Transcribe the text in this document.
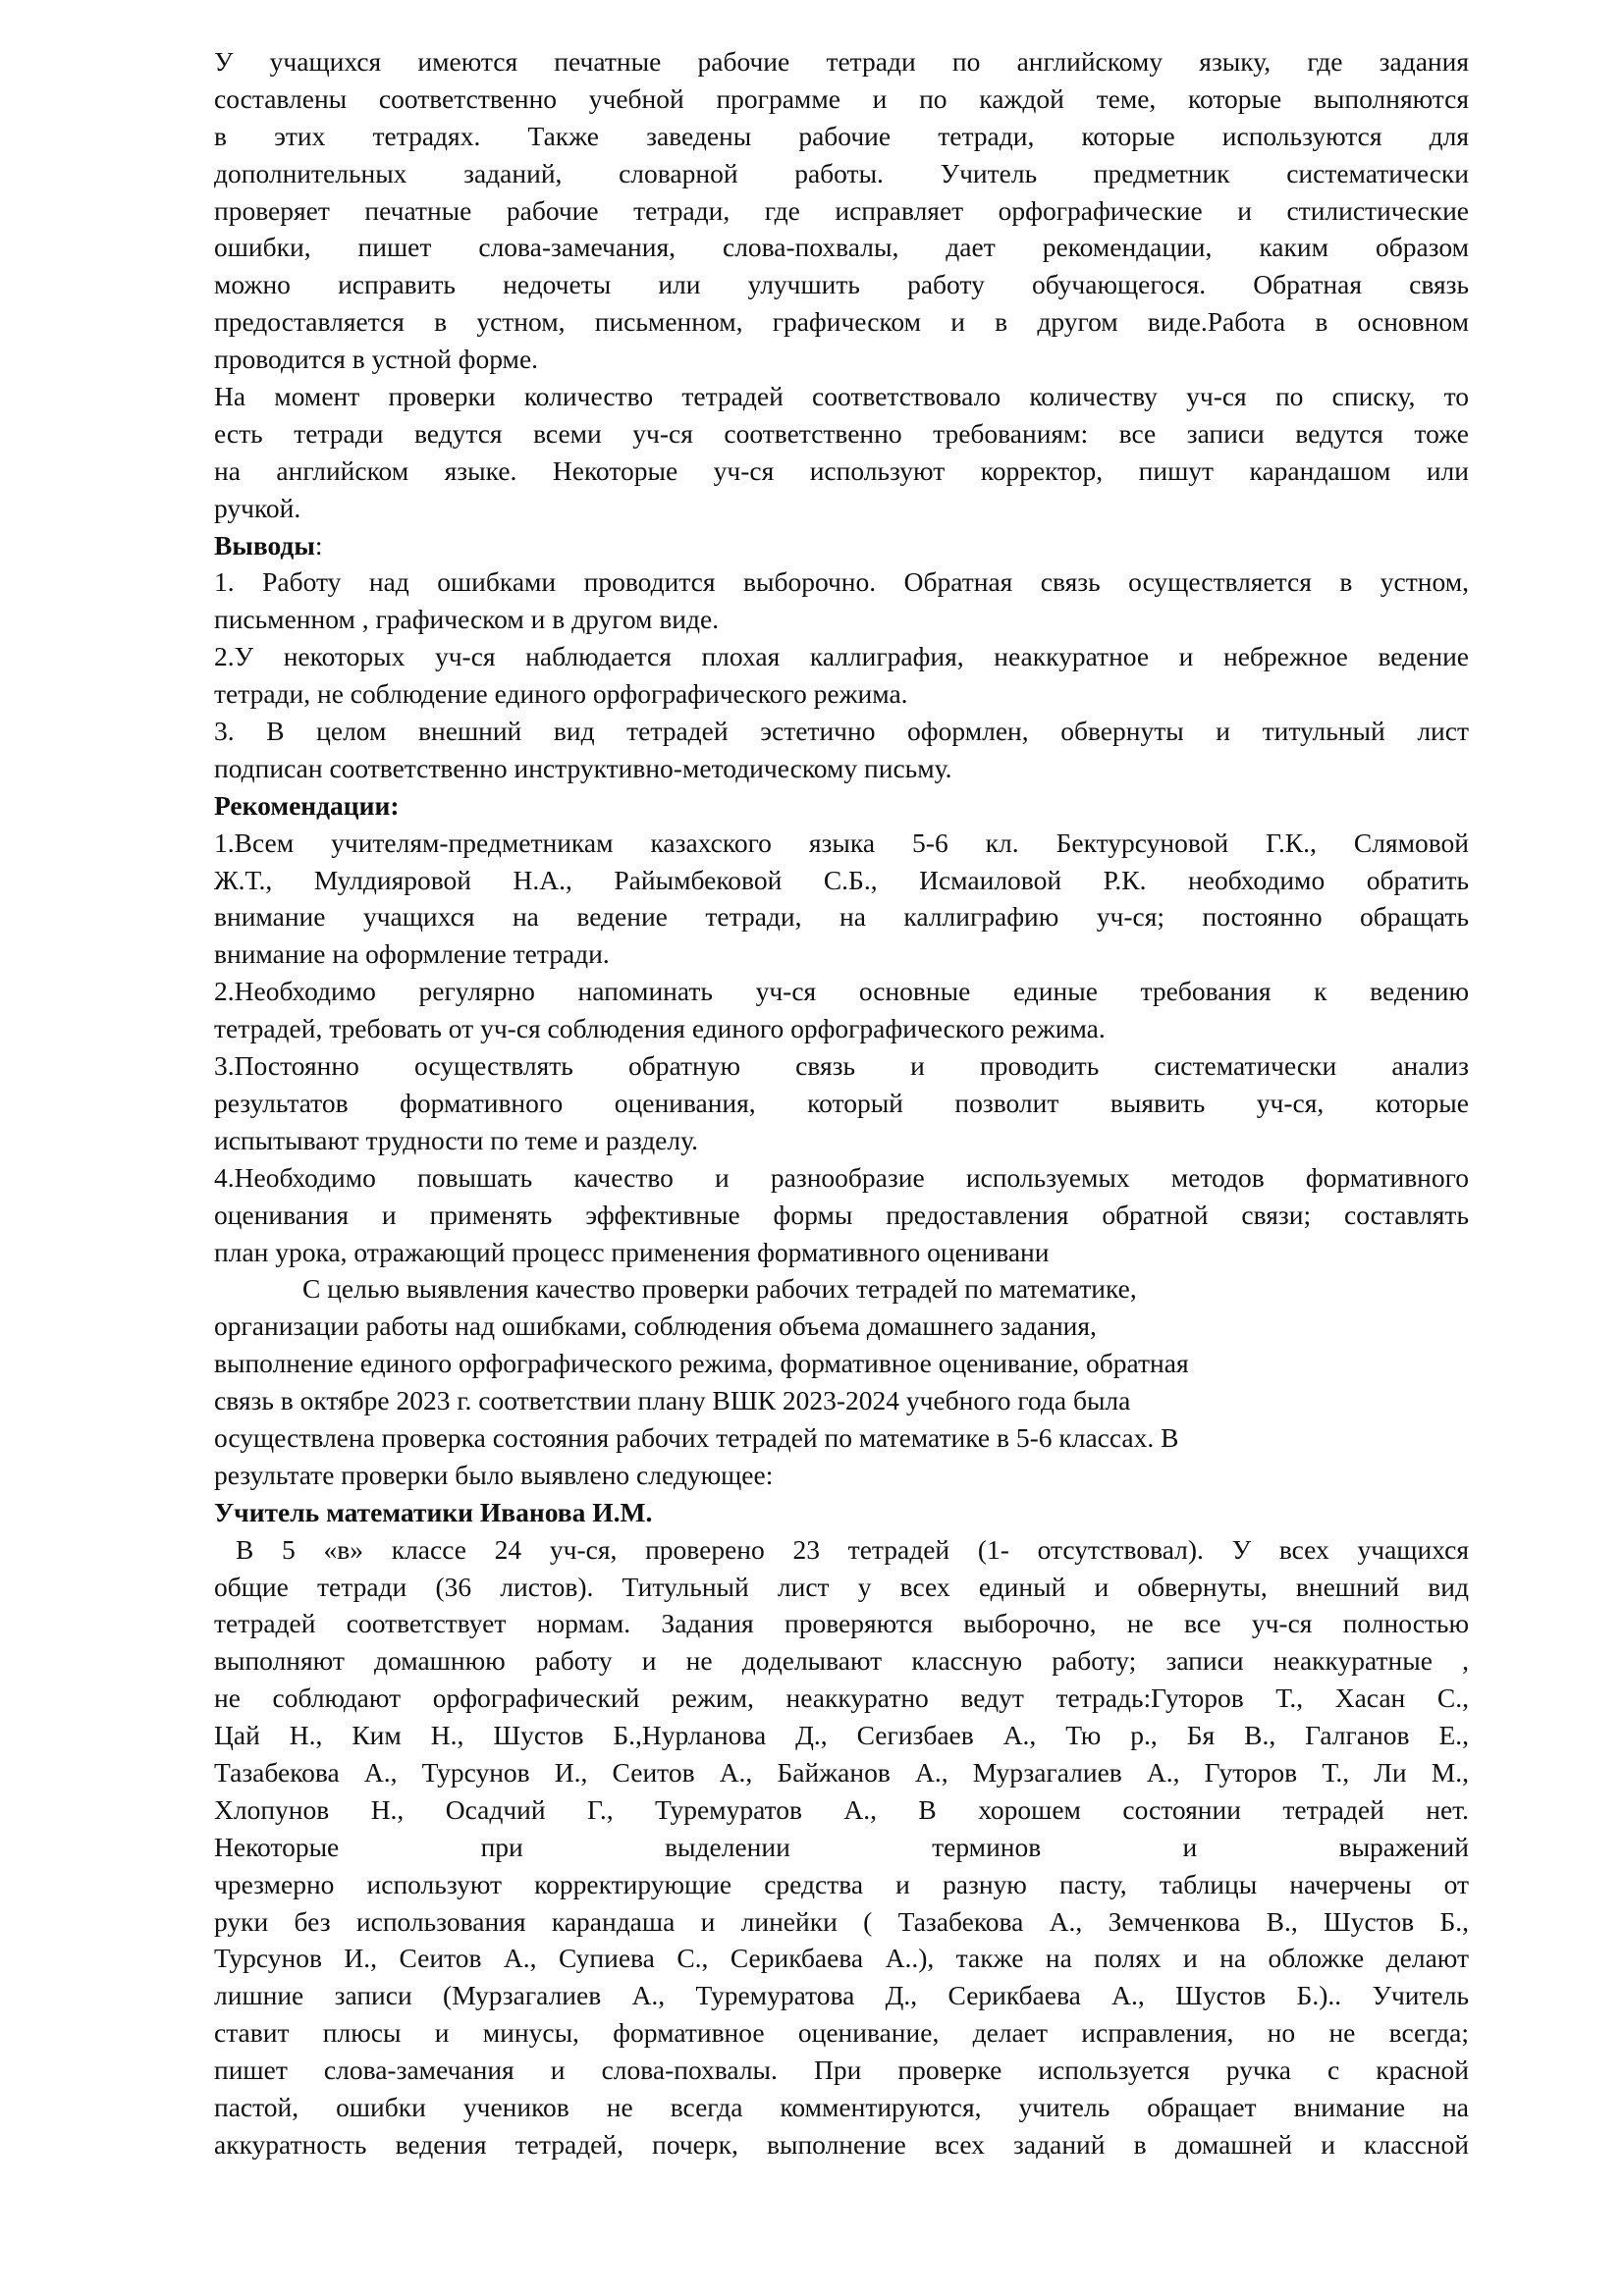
У учащихся имеются печатные рабочие тетради по английскому языку, где задания
составлены соответственно учебной программе и по каждой теме, которые выполняются
в этих тетрадях. Также заведены рабочие тетради, которые используются для
дополнительных заданий, словарной работы. Учитель предметник систематически
проверяет печатные рабочие тетради, где исправляет орфографические и стилистические
ошибки, пишет слова-замечания, слова-похвалы, дает рекомендации, каким образом
можно исправить недочеты или улучшить работу обучающегося. Обратная связь
предоставляется в устном, письменном, графическом и в другом виде.Работа в основном
проводится в устной форме.
На момент проверки количество тетрадей соответствовало количеству уч-ся по списку, то
есть тетради ведутся всеми уч-ся соответственно требованиям: все записи ведутся тоже
на английском языке. Некоторые уч-ся используют корректор, пишут карандашом или
ручкой.
Выводы:
1. Работу над ошибками проводится выборочно. Обратная связь осуществляется в устном,
письменном , графическом и в другом виде.
2.У некоторых уч-ся наблюдается плохая каллиграфия, неаккуратное и небрежное ведение
тетради, не соблюдение единого орфографического режима.
3. В целом внешний вид тетрадей эстетично оформлен, обвернуты и титульный лист
подписан соответственно инструктивно-методическому письму.
Рекомендации:
1.Всем учителям-предметникам казахского языка 5-6 кл. Бектурсуновой Г.К., Слямовой
Ж.Т., Мулдияровой Н.А., Райымбековой С.Б., Исмаиловой Р.К. необходимо обратить
внимание учащихся на ведение тетради, на каллиграфию уч-ся; постоянно обращать
внимание на оформление тетради.
2.Необходимо регулярно напоминать уч-ся основные единые требования к ведению
тетрадей, требовать от уч-ся соблюдения единого орфографического режима.
3.Постоянно осуществлять обратную связь и проводить систематически анализ
результатов формативного оценивания, который позволит выявить уч-ся, которые
испытывают трудности по теме и разделу.
4.Необходимо повышать качество и разнообразие используемых методов формативного
оценивания и применять эффективные формы предоставления обратной связи; составлять
план урока, отражающий процесс применения формативного оценивани
С целью выявления качество проверки рабочих тетрадей по математике,
организации работы над ошибками, соблюдения объема домашнего задания,
выполнение единого орфографического режима, формативное оценивание, обратная
связь в октябре 2023 г. соответствии плану ВШК 2023-2024 учебного года была
осуществлена проверка состояния рабочих тетрадей по математике в 5-6 классах. В
результате проверки было выявлено следующее:
Учитель математики Иванова И.М.
В 5 «в» классе 24 уч-ся, проверено 23 тетрадей (1- отсутствовал). У всех учащихся
общие тетради (36 листов). Титульный лист у всех единый и обвернуты, внешний вид
тетрадей соответствует нормам. Задания проверяются выборочно, не все уч-ся полностью
выполняют домашнюю работу и не доделывают классную работу; записи неаккуратные ,
не соблюдают орфографический режим, неаккуратно ведут тетрадь:Гуторов Т., Хасан С.,
Цай Н., Ким Н., Шустов Б.,Нурланова Д., Сегизбаев А., Тю р., Бя В., Галганов Е.,
Тазабекова А., Турсунов И., Сеитов А., Байжанов А., Мурзагалиев А., Гуторов Т., Ли М.,
Хлопунов Н., Осадчий Г., Туремуратов А., В хорошем состоянии тетрадей нет.
Некоторые при выделении терминов и выражений
чрезмерно используют корректирующие средства и разную пасту, таблицы начерчены от
руки без использования карандаша и линейки ( Тазабекова А., Земченкова В., Шустов Б.,
Турсунов И., Сеитов А., Супиева С., Серикбаева А..), также на полях и на обложке делают
лишние записи (Мурзагалиев А., Туремуратова Д., Серикбаева А., Шустов Б.).. Учитель
ставит плюсы и минусы, формативное оценивание, делает исправления, но не всегда;
пишет слова-замечания и слова-похвалы. При проверке используется ручка с красной
пастой, ошибки учеников не всегда комментируются, учитель обращает внимание на
аккуратность ведения тетрадей, почерк, выполнение всех заданий в домашней и классной
